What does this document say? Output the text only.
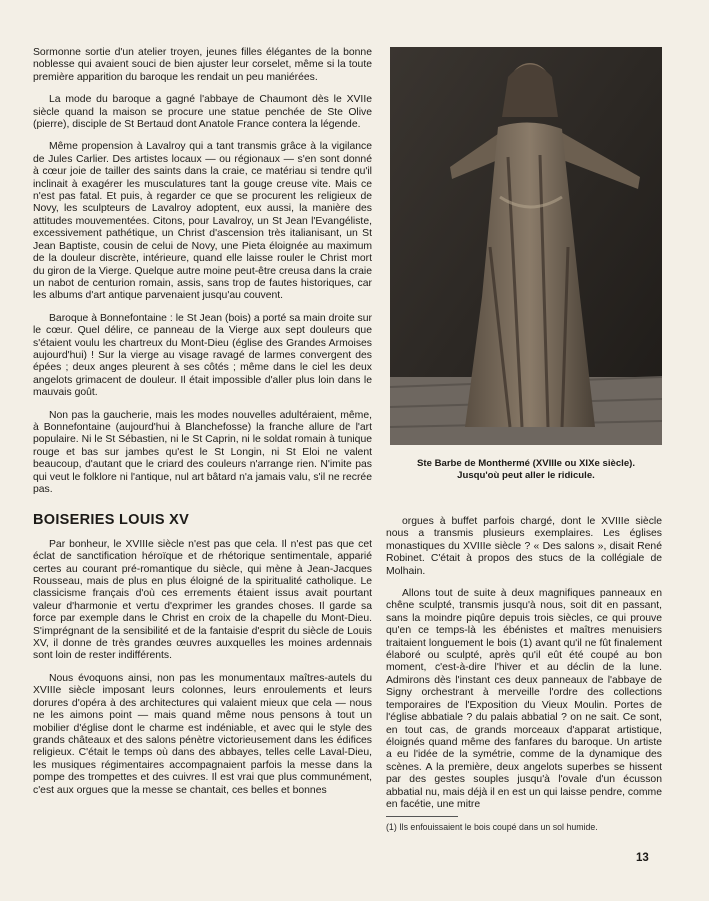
Sormonne sortie d'un atelier troyen, jeunes filles élégantes de la bonne noblesse qui avaient souci de bien ajuster leur corselet, même si la toute première apparition du baroque les rendait un peu maniérées.

La mode du baroque a gagné l'abbaye de Chaumont dès le XVIIe siècle quand la maison se procure une statue penchée de Ste Olive (pierre), disciple de St Bertaud dont Anatole France contera la légende.

Même propension à Lavalroy qui a tant transmis grâce à la vigilance de Jules Carlier. Des artistes locaux — ou régionaux — s'en sont donné à cœur joie de tailler des saints dans la craie, ce matériau si tendre qu'il inclinait à exagérer les musculatures tant la gouge creuse vite. Mais ce n'est pas fatal. Et puis, à regarder ce que se procurent les religieux de Novy, les sculpteurs de Lavalroy adoptent, eux aussi, la manière des attitudes mouvementées. Citons, pour Lavalroy, un St Jean l'Evangéliste, excessivement pathétique, un Christ d'ascension très italianisant, un St Jean Baptiste, cousin de celui de Novy, une Pieta éloignée au maximum de la douleur discrète, intérieure, quand elle laisse rouler le Christ mort du giron de la Vierge. Quelque autre moine peut-être creusa dans la craie un nabot de centurion romain, assis, sans trop de fautes historiques, car les albums d'art antique parvenaient jusqu'au couvent.

Baroque à Bonnefontaine : le St Jean (bois) a porté sa main droite sur le cœur. Quel délire, ce panneau de la Vierge aux sept douleurs que s'étaient voulu les chartreux du Mont-Dieu (église des Grandes Armoises aujourd'hui) ! Sur la vierge au visage ravagé de larmes convergent des épées ; deux anges pleurent à ses côtés ; même dans le ciel les deux angelots grimacent de douleur. Il était impossible d'aller plus loin dans le mauvais goût.

Non pas la gaucherie, mais les modes nouvelles adultéraient, même, à Bonnefontaine (aujourd'hui à Blanchefosse) la franche allure de l'art populaire. Ni le St Sébastien, ni le St Caprin, ni le soldat romain à tunique rouge et bas sur jambes qu'est le St Longin, ni St Eloi ne valent beaucoup, d'autant que le criard des couleurs n'arrange rien. N'imite pas qui veut le folklore ni l'antique, nul art bâtard n'a jamais valu, s'il ne recrée pas.

BOISERIES LOUIS XV

Par bonheur, le XVIIIe siècle n'est pas que cela. Il n'est pas que cet éclat de sanctification héroïque et de rhétorique sentimentale, apparié certes au courant pré-romantique du siècle, qui mène à Jean-Jacques Rousseau, mais de plus en plus éloigné de la spiritualité catholique. Le classicisme français d'où ces errements étaient issus avait pourtant valeur d'harmonie et vertu d'exprimer les grandes choses. Il garde sa force par exemple dans le Christ en croix de la chapelle du Mont-Dieu. S'imprégnant de la sensibilité et de la fantaisie d'esprit du siècle de Louis XV, il donne de très grandes œuvres auxquelles les moines ardennais sont loin de rester indifférents.

Nous évoquons ainsi, non pas les monumentaux maîtres-autels du XVIIIe siècle imposant leurs colonnes, leurs enroulements et leurs dorures d'opéra à des architectures qui valaient mieux que cela — nous ne les aimons point — mais quand même nous pensons à tout un mobilier d'église dont le charme est indéniable, et avec qui le style des grands châteaux et des salons pénètre victorieusement dans les édifices religieux. C'était le temps où dans des abbayes, telles celle Laval-Dieu, les musiques régimentaires accompagnaient parfois la messe dans la pompe des trompettes et des cuivres. Il est vrai que plus communément, c'est aux orgues que la messe se chantait, ces belles et bonnes

Ste Barbe de Monthermé (XVIIIe ou XIXe siècle).
Jusqu'où peut aller le ridicule.

orgues à buffet parfois chargé, dont le XVIIIe siècle nous a transmis plusieurs exemplaires. Les églises monastiques du XVIIIe siècle ? « Des salons », disait René Robinet. C'était à propos des stucs de la collégiale de Molhain.

Allons tout de suite à deux magnifiques panneaux en chêne sculpté, transmis jusqu'à nous, soit dit en passant, sans la moindre piqûre depuis trois siècles, ce qui prouve qu'en ce temps-là les ébénistes et maîtres menuisiers traitaient longuement le bois (1) avant qu'il ne fût finalement élaboré ou sculpté, après qu'il eût été coupé au bon moment, c'est-à-dire l'hiver et au déclin de la lune. Admirons dès l'instant ces deux panneaux de l'abbaye de Signy orchestrant à merveille l'ordre des collections temporaires de l'Exposition du Vieux Moulin. Portes de l'église abbatiale ? du palais abbatial ? on ne sait. Ce sont, en tout cas, de grands morceaux d'apparat artistique, éloignés quand même des fanfares du baroque. Un artiste a eu l'idée de la symétrie, comme de la dynamique des scènes. A la première, deux angelots superbes se hissent par des gestes souples jusqu'à l'ovale d'un écusson abbatial nu, mais déjà il en est un qui laisse pendre, comme en facétie, une mitre

(1) Ils enfouissaient le bois coupé dans un sol humide.
13
